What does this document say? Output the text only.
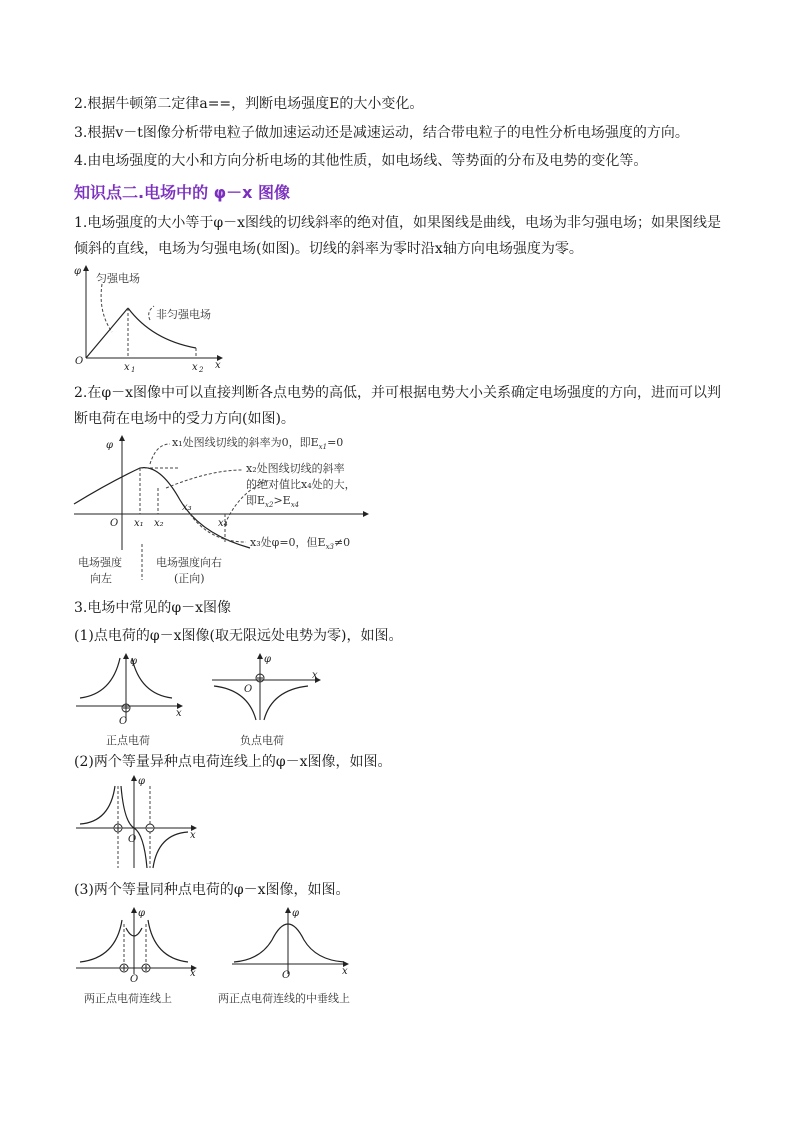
2.根据牛顿第二定律a==，判断电场强度E的大小变化。
3.根据v－t图像分析带电粒子做加速运动还是减速运动，结合带电粒子的电性分析电场强度的方向。
4.由电场强度的大小和方向分析电场的其他性质，如电场线、等势面的分布及电势的变化等。
知识点二.电场中的 φ－x 图像
1.电场强度的大小等于φ－x图线的切线斜率的绝对值，如果图线是曲线，电场为非匀强电场；如果图线是倾斜的直线，电场为匀强电场(如图)。切线的斜率为零时沿x轴方向电场强度为零。
φ
O	x
x 1	x 2
匀强电场
非匀强电场
2.在φ－x图像中可以直接判断各点电势的高低，并可根据电势大小关系确定电场强度的方向，进而可以判断电荷在电场中的受力方向(如图)。
φ
O x₁ x₂
x₃
x₄
x₁处图线切线的斜率为0，即$E_{x1}=0$
x₂处图线切线的斜率
的绝对值比x₄处的大，
即$E_{x2}>E_{x4}$
x₃处φ=0，但$E_{x3}\ne 0$
电场强度
向左
电场强度向右
(正向)
3.电场中常见的φ－x图像
(1)点电荷的φ－x图像(取无限远处电势为零)，如图。
φ
O
x
正点电荷
φ
O
x
负点电荷
(2)两个等量异种点电荷连线上的φ－x图像，如图。
φ
O	x
(3)两个等量同种点电荷的φ－x图像，如图。
φ
O
x
两正点电荷连线上
φ
O	x
两正点电荷连线的中垂线上
